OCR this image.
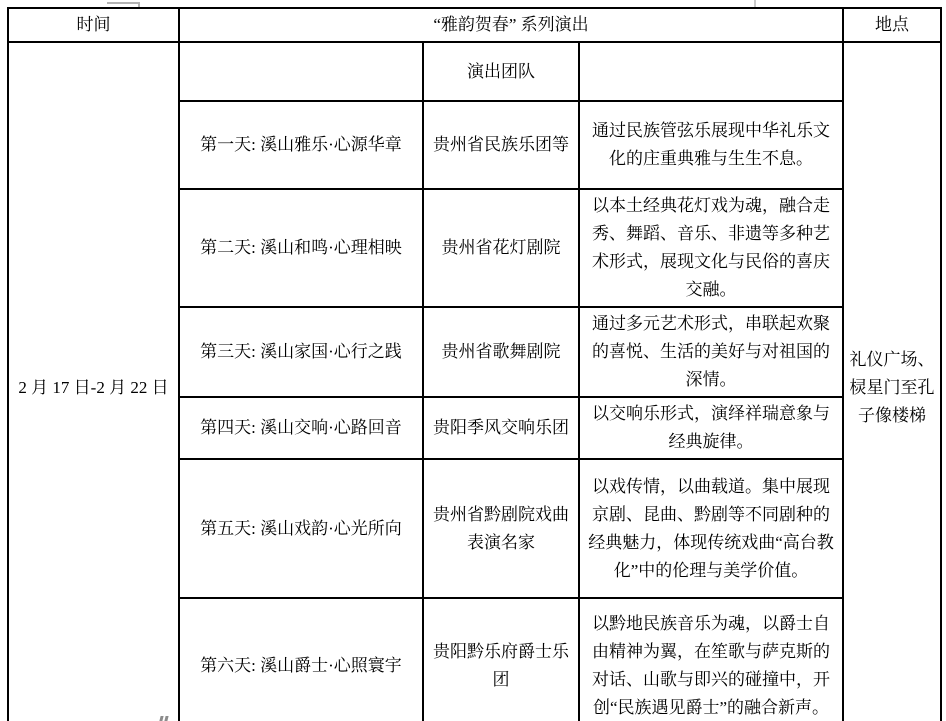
时间	“雅韵贺春” 系列演出			地点
2 月 17 日-2 月 22 日		演出团队		礼仪广场、棂星门至孔子像楼梯
	第一天: 溪山雅乐·心源华章	贵州省民族乐团等	通过民族管弦乐展现中华礼乐文化的庄重典雅与生生不息。	
	第二天: 溪山和鸣·心理相映	贵州省花灯剧院	以本土经典花灯戏为魂，融合走秀、舞蹈、音乐、非遗等多种艺术形式，展现文化与民俗的喜庆交融。	
	第三天: 溪山家国·心行之践	贵州省歌舞剧院	通过多元艺术形式，串联起欢聚的喜悦、生活的美好与对祖国的深情。	
	第四天: 溪山交响·心路回音	贵阳季风交响乐团	以交响乐形式，演绎祥瑞意象与经典旋律。	
	第五天: 溪山戏韵·心光所向	贵州省黔剧院戏曲表演名家	以戏传情，以曲载道。集中展现京剧、昆曲、黔剧等不同剧种的经典魅力，体现传统戏曲“高台教化”中的伦理与美学价值。	
	第六天: 溪山爵士·心照寰宇	贵阳黔乐府爵士乐团	以黔地民族音乐为魂，以爵士自由精神为翼，在笙歌与萨克斯的对话、山歌与即兴的碰撞中，开创“民族遇见爵士”的融合新声。	
